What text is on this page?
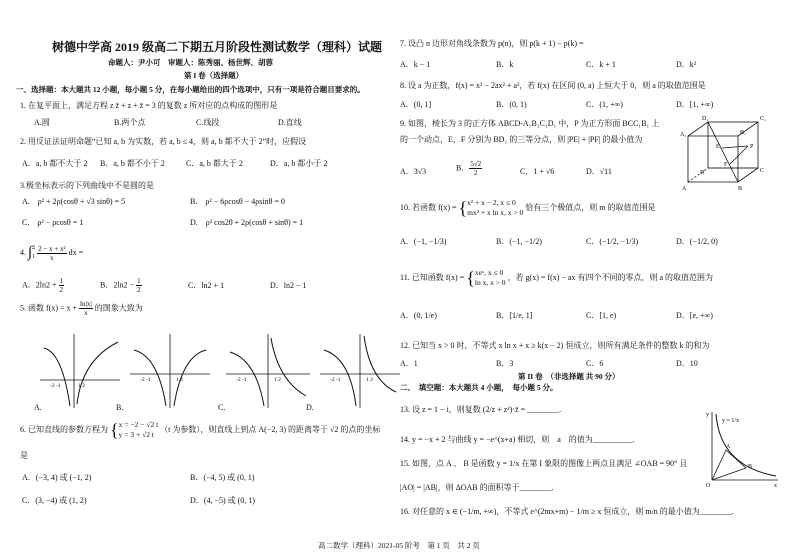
树德中学高 2019 级高二下期五月阶段性测试数学（理科）试题
命题人：尹小可　审题人：陈秀丽、杨世辉、胡蓉
第 I 卷（选择题）
一、选择题：本大题共 12 小题，每小题 5 分，在每小题给出的四个选项中，只有一项是符合题目要求的。
1. 在复平面上，满足方程 z z̄ + z + z̄ = 3 的复数 z 所对应的点构成的图形是
A.圆	B.两个点	C.线段	D.直线
2. 用反证法证明命题“已知 a, b 为实数，若 a, b ≤ 4，则 a, b 都不大于 2”时，应假设
A．a, b 都不大于 2 B．a, b 都不小于 2	C．a, b 都大于 2	D．a, b 都小于 2
3.极坐标表示的下列曲线中不是圆的是
A.　ρ² + 2ρ(cosθ + √3 sinθ) = 5	B.　ρ² − 6ρcosθ − 4ρsinθ = 0
C.　ρ² − ρcosθ = 1	D.　ρ² cos2θ + 2ρ(cosθ + sinθ) = 1
4. ∫ 2
1
$\frac{\text{2 − x + x²}}{x}$ dx =
A．$2\ln 2 + \frac{1}{2}$	B．$2\ln 2 - \frac{1}{2}$	C．ln2 + 1	D．ln2 − 1
5. 函数 $f(x) = x + \frac{\ln|x|}{x}$ 的图象大致为
-2 -1	1 2
-2 -1	1 2	-2 -1	1 2	-2 -1	1 2
A.	B.	C.	D.
6. 已知直线的参数方程为 { x = −2 − √2 t
y = 3 + √2 t
（t 为参数），则直线上到点 A(−2, 3) 的距离等于 √2 的点的坐标
是
A．(−3, 4) 或 (−1, 2)	B．(−4, 5) 或 (0, 1)
C．(3, −4) 或 (1, 2)	D．(4, −5) 或 (0, 1)
7. 设凸 n 边形对角线条数为 p(n)，则 p(k + 1) − p(k) =
A．k − 1	B．k	C．k + 1	D．k²
8. 设 a 为正数，f(x) = x³ − 2ax² + a²，若 f(x) 在区间 (0, a) 上恒大于 0，则 a 的取值范围是
A．(0, 1]	B．(0, 1)	C．(1, +∞)	D．[1, +∞)
9. 如图，棱长为 3 的正方体 ABCD-A₁B₁C₁D₁ 中，P 为正方形面 BCC₁B₁ 上
的一个动点，E，F 分别为 BD₁ 的三等分点，则 |PE| + |PF| 的最小值为
A．3√3	B． $\frac{5√2}{2}$	C．1 + √6	D．√11
D₁	C₁
A₁	B₁
E
F
P
D	C
A	B
10. 若函数 f(x) = { x² + x − 2, x ≤ 0
mx² + x ln x, x > 0
恰有三个极值点，则 m 的取值范围是
A．(−1, −1/3)	B．(−1, −1/2)	C．(−1/2, −1/3)	D．(−1/2, 0)
11. 已知函数 f(x) = { xeˣ, x ≤ 0
ln x, x > 0
，若 g(x) = f(x) − ax 有四个不同的零点，则 a 的取值范围为
A．(0, 1/e)	B．[1/e, 1]	C．[1, e)	D．[e, +∞)
12. 已知当 x > 0 时，不等式 x ln x + x ≥ k(x − 2) 恒成立，则所有满足条件的整数 k 的和为
A．1	B．3	C．6	D．10
第 II 卷　（非选择题 共 90 分）
二、　填空题：本大题共 4 小题，　每小题 5 分。
13. 设 z = 1 − i，则复数 (2/z + z²)·z̄ = ________.
14. y = −x + 2 与曲线 y = −e^(x+a) 相切，则　a　的值为__________.
15. 如图，点 A 、 B 是函数 y = 1/x 在第 I 象限的图像上两点且满足 ∠OAB = 90° 且
|AO| = |AB|，则 ΔOAB 的面积等于________.
16. 对任意的 x ∈ (−1/m, +∞)，不等式 e^(2mx+m) − 1/m ≥ x 恒成立，则 m/n 的最小值为________.
y
y = 1/x
A
B
O	x
高二数学（理科）2021-05 阶考　第 1 页　共 2 页
